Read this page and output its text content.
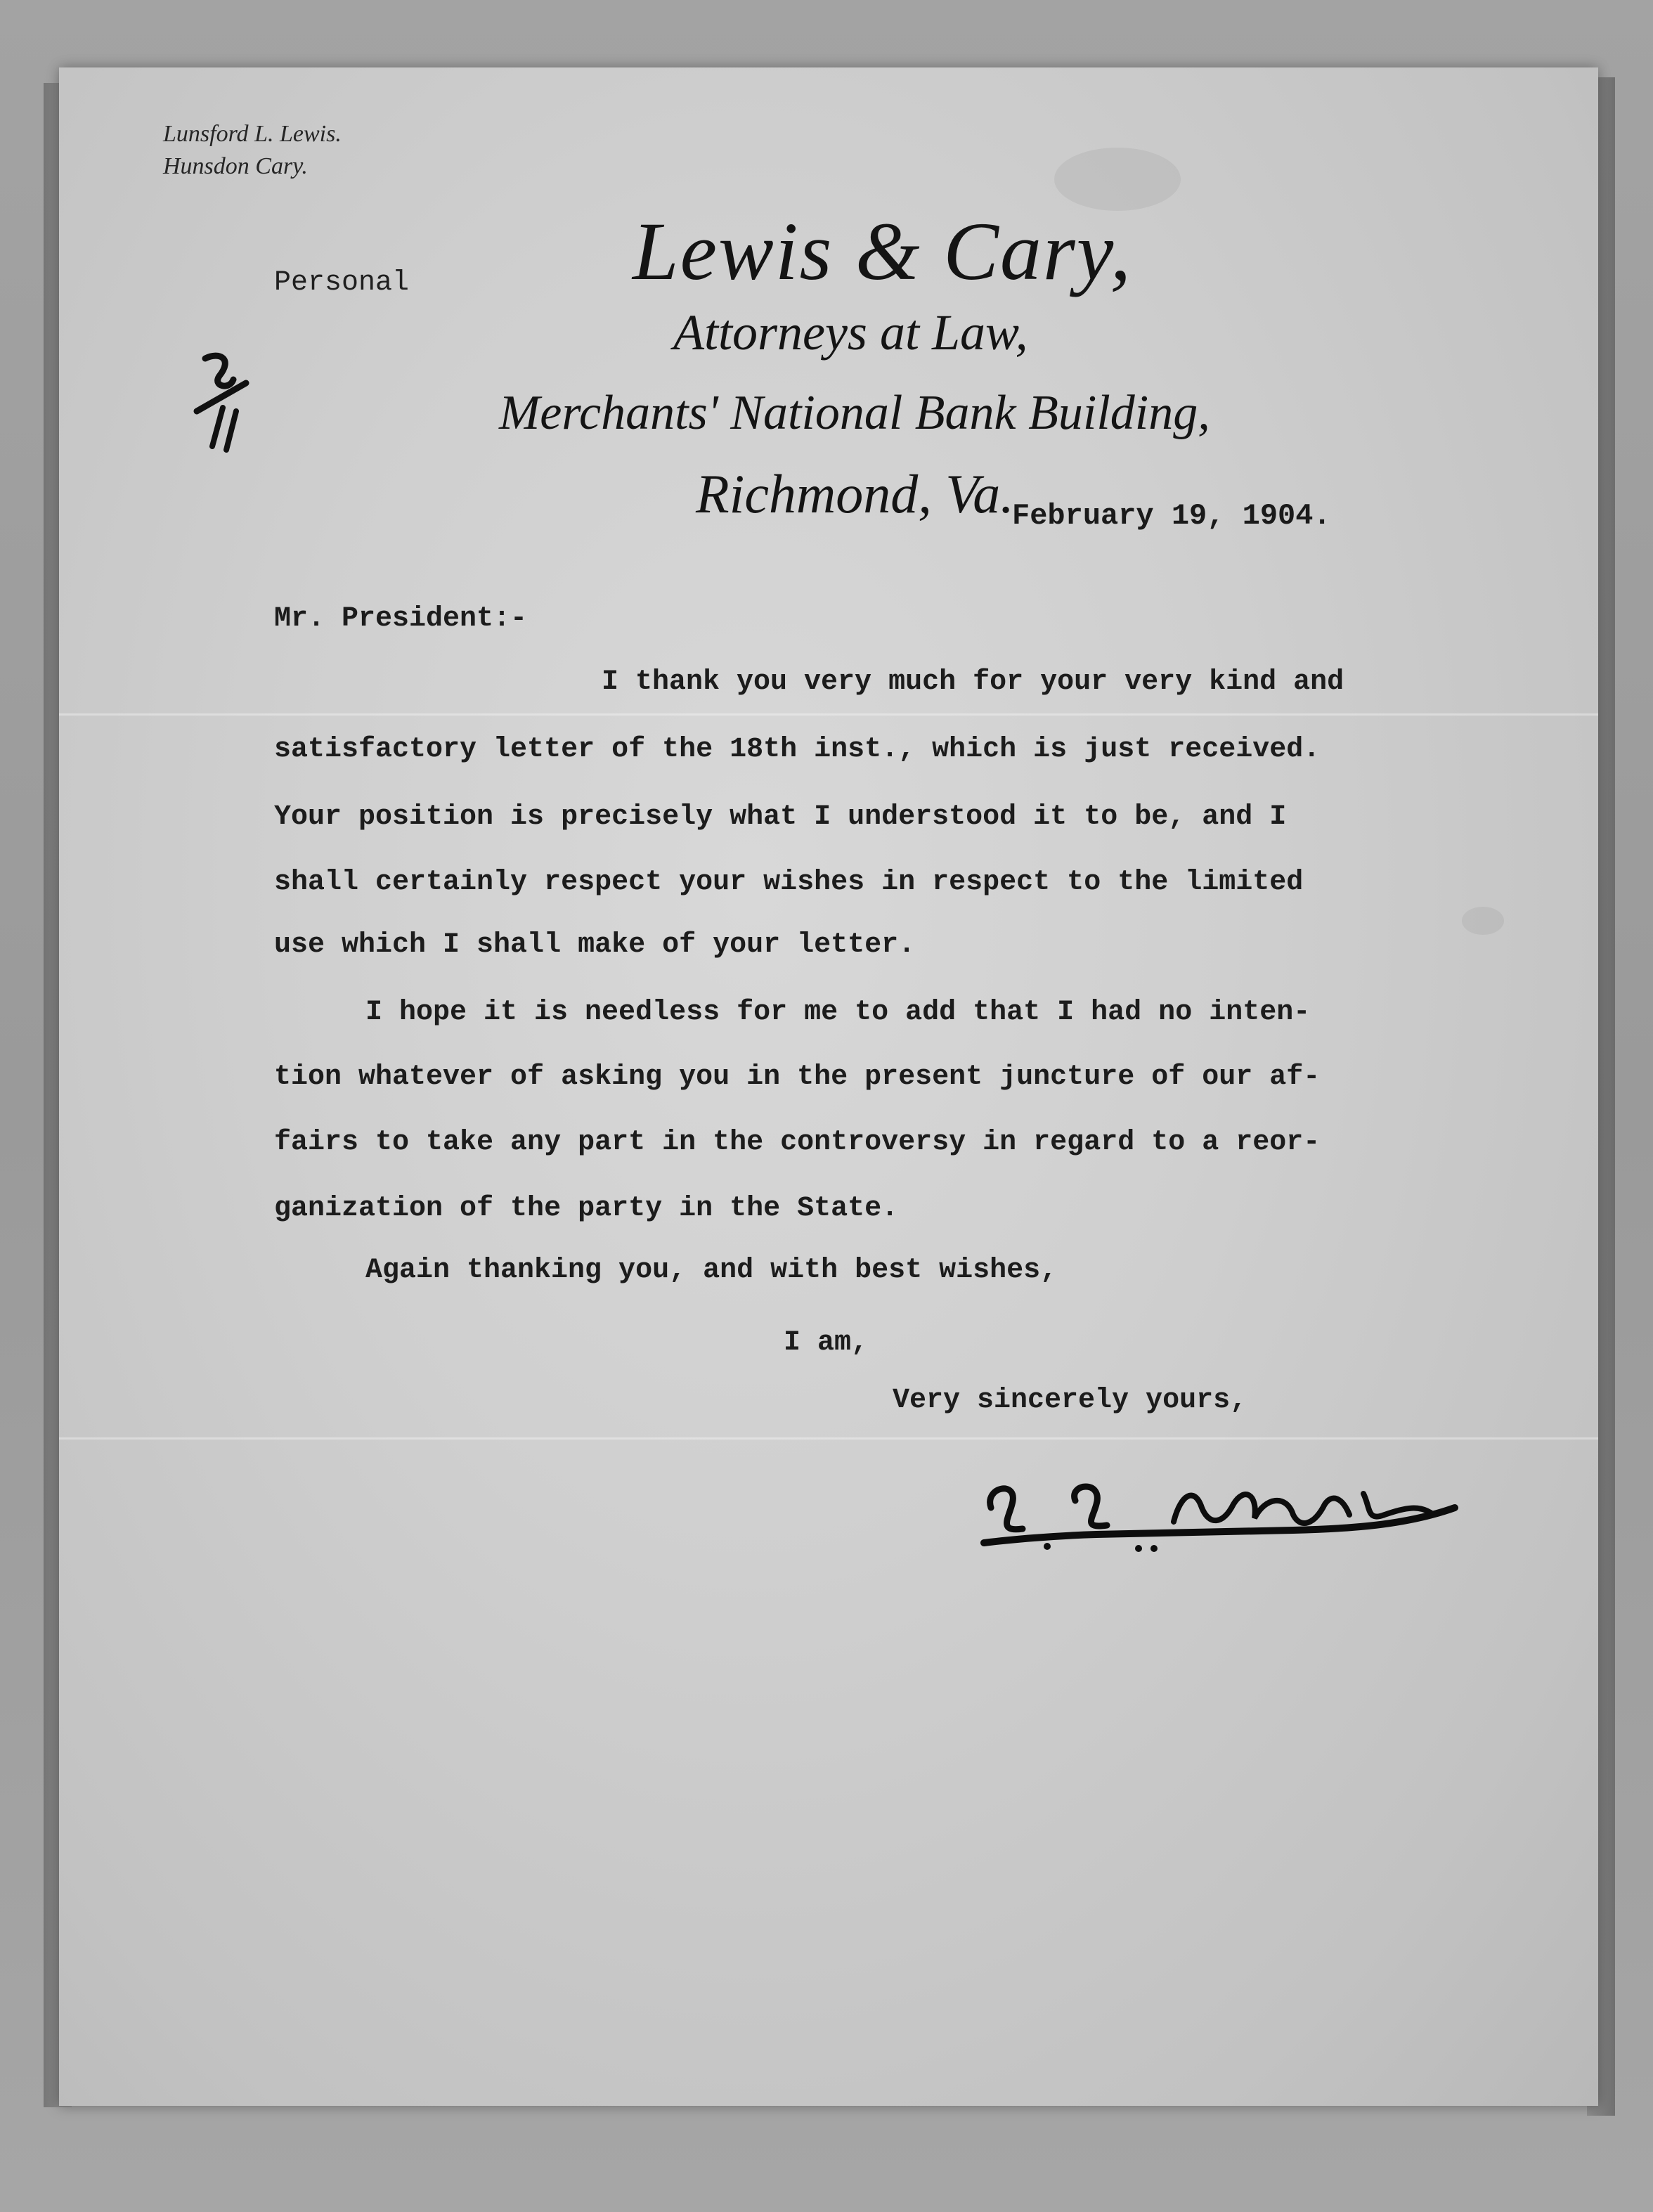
Lunsford L. Lewis.
Hunsdon Cary.
Personal	Lewis & Cary,
Attorneys at Law,
Merchants' National Bank Building,
Richmond, Va.
February 19, 1904.
Mr. President:-
I thank you very much for your very kind and
satisfactory letter of the 18th inst., which is just received.
Your position is precisely what I understood it to be, and I
shall certainly respect your wishes in respect to the limited
use which I shall make of your letter.
I hope it is needless for me to add that I had no inten-
tion whatever of asking you in the present juncture of our af-
fairs to take any part in the controversy in regard to a reor-
ganization of the party in the State.
Again thanking you, and with best wishes,
I am,
Very sincerely yours,
